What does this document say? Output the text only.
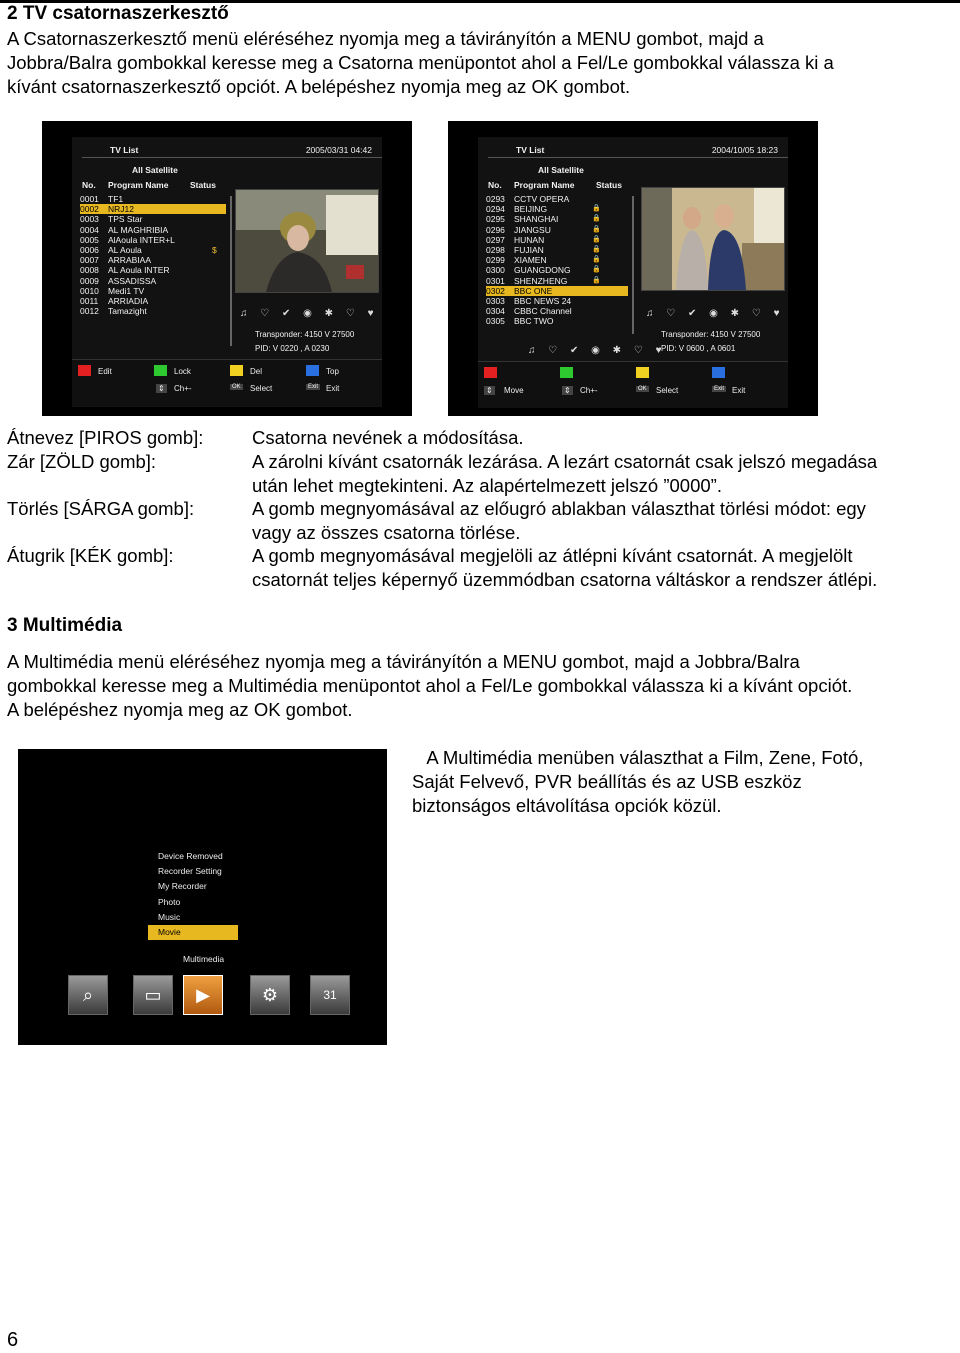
2 TV csatornaszerkesztő
A Csatornaszerkesztő menü eléréséhez nyomja meg a távirányítón a MENU gombot, majd a
Jobbra/Balra gombokkal keresse meg a Csatorna menüpontot ahol a Fel/Le gombokkal válassza ki a
kívánt csatornaszerkesztő opciót. A belépéshez nyomja meg az OK gombot.
TV List	2005/03/31 04:42
All Satellite
No. Program Name	Status
0001 TF1
0002 NRJ12
0003 TPS Star
0004 AL MAGHRIBIA
0005 AlAoula INTER+L
0006 AL Aoula	$
0007 ARRABIAA
0008 AL Aoula INTER
0009 ASSADISSA
0010 Medi1 TV
0011 ARRIADIA
0012 Tamazight	♫ ♡ ✔ ◉ ✱ ♡ ♥
Transponder: 4150 V 27500
PID: V 0220 , A 0230
Edit	Lock	Del	Top
⇕ Ch+-	OK Select	Exit Exit
TV List	2004/10/05 18:23
All Satellite
No. Program Name	Status
0293 CCTV OPERA
0294 BEIJING	🔒
0295 SHANGHAI	🔒
0296 JIANGSU	🔒
0297 HUNAN	🔒
0298 FUJIAN	🔒
0299 XIAMEN	🔒
0300 GUANGDONG	🔒
0301 SHENZHENG	🔒
0302 BBC ONE
0303 BBC NEWS 24
0304 CBBC Channel
0305 BBC TWO
♫ ♡ ✔ ◉ ✱ ♡ ♥
Transponder: 4150 V 27500
PID: V 0600 , A 0601
♫ ♡ ✔ ◉ ✱ ♡ ♥
⇕ Move	⇕ Ch+-	OK Select	Exit Exit
Átnevez [PIROS gomb]:	Csatorna nevének a módosítása.
Zár [ZÖLD gomb]:	A zárolni kívánt csatornák lezárása. A lezárt csatornát csak jelszó megadása
után lehet megtekinteni. Az alapértelmezett jelszó ”0000”.
Törlés [SÁRGA gomb]:	A gomb megnyomásával az előugró ablakban választhat törlési módot: egy
vagy az összes csatorna törlése.
Átugrik [KÉK gomb]:	A gomb megnyomásával megjelöli az átlépni kívánt csatornát. A megjelölt
csatornát teljes képernyő üzemmódban csatorna váltáskor a rendszer átlépi.
3 Multimédia
A Multimédia menü eléréséhez nyomja meg a távirányítón a MENU gombot, majd a Jobbra/Balra
gombokkal keresse meg a Multimédia menüpontot ahol a Fel/Le gombokkal válassza ki a kívánt opciót.
A belépéshez nyomja meg az OK gombot.
Device Removed
Recorder Setting
My Recorder
Photo
Music
Movie
Multimedia
⌕	▭	▶	⚙	31
A Multimédia menüben választhat a Film, Zene, Fotó,
Saját Felvevő, PVR beállítás és az USB eszköz
biztonságos eltávolítása opciók közül.
6
